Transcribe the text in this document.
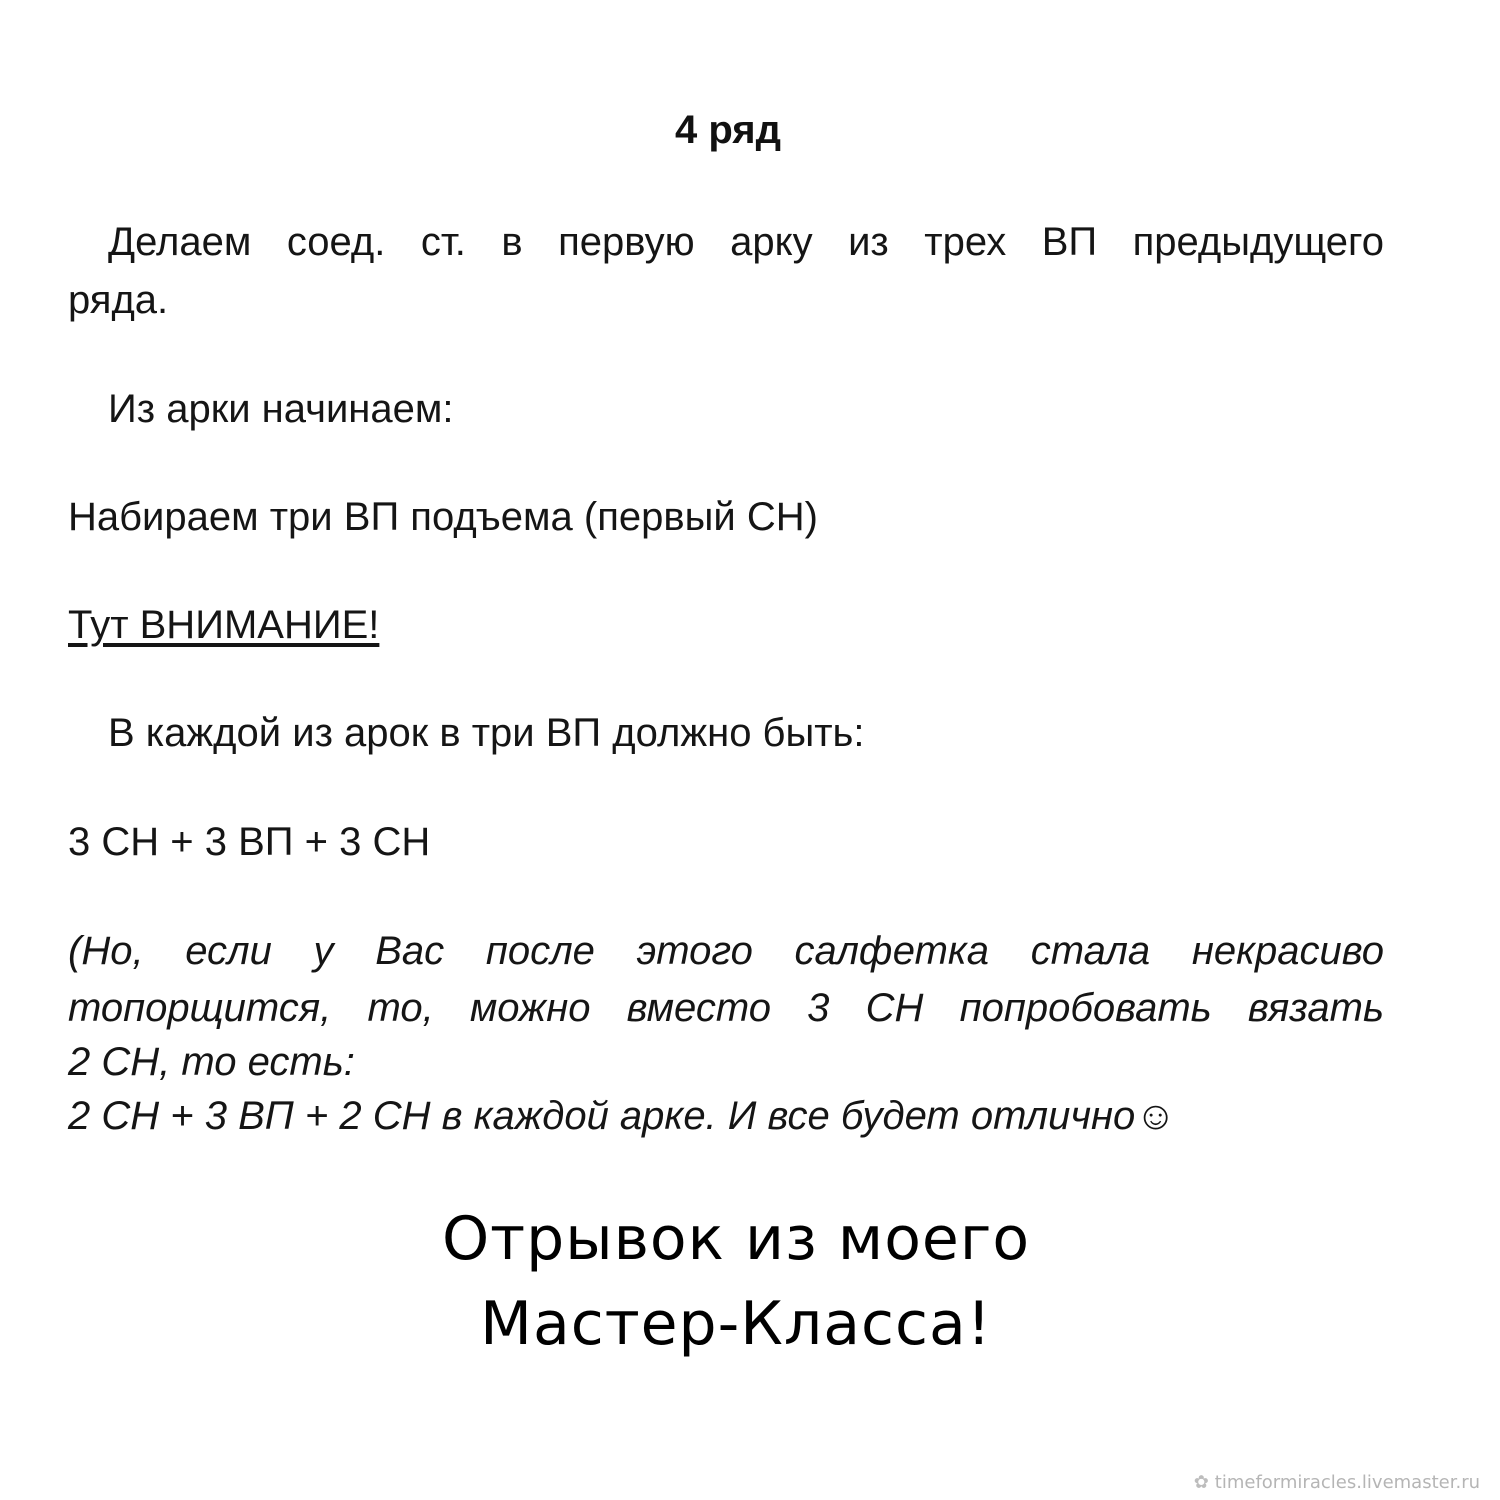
4 ряд
Делаем соед. ст. в первую арку из трех ВП предыдущего
ряда.
Из арки начинаем:
Набираем три ВП подъема (первый СН)
Тут ВНИМАНИЕ!
В каждой из арок в три ВП должно быть:
3 СН + 3 ВП + 3 СН
(Но, если у Вас после этого салфетка стала некрасиво
топорщится, то, можно вместо 3 СН попробовать вязать
2 СН, то есть:
2 СН + 3 ВП + 2 СН в каждой арке. И все будет отлично☺
Отрывок из моего
Мастер-Класса!
✿ timeformiracles.livemaster.ru
